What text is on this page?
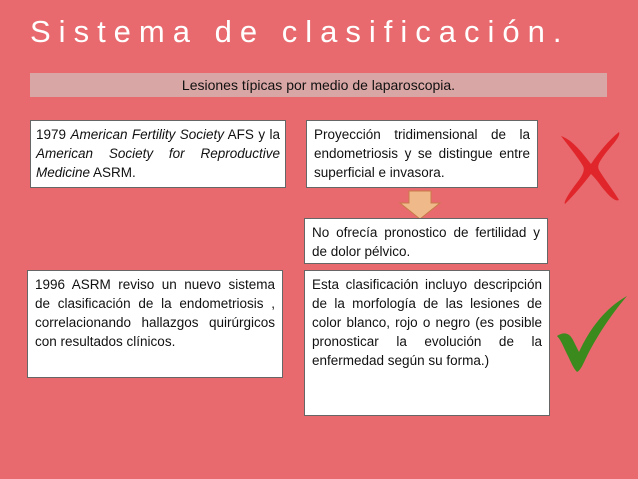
Sistema de clasificación.
Lesiones típicas por medio de laparoscopia.
1979 American Fertility Society AFS y la American Society for Reproductive Medicine ASRM.
Proyección tridimensional de la endometriosis y se distingue entre superficial e invasora.
No ofrecía pronostico de fertilidad y de dolor pélvico.
1996 ASRM reviso un nuevo sistema de clasificación de la endometriosis , correlacionando hallazgos quirúrgicos con resultados clínicos.
Esta clasificación incluyo descripción de la morfología de las lesiones de color blanco, rojo o negro (es posible pronosticar la evolución de la enfermedad según su forma.)
